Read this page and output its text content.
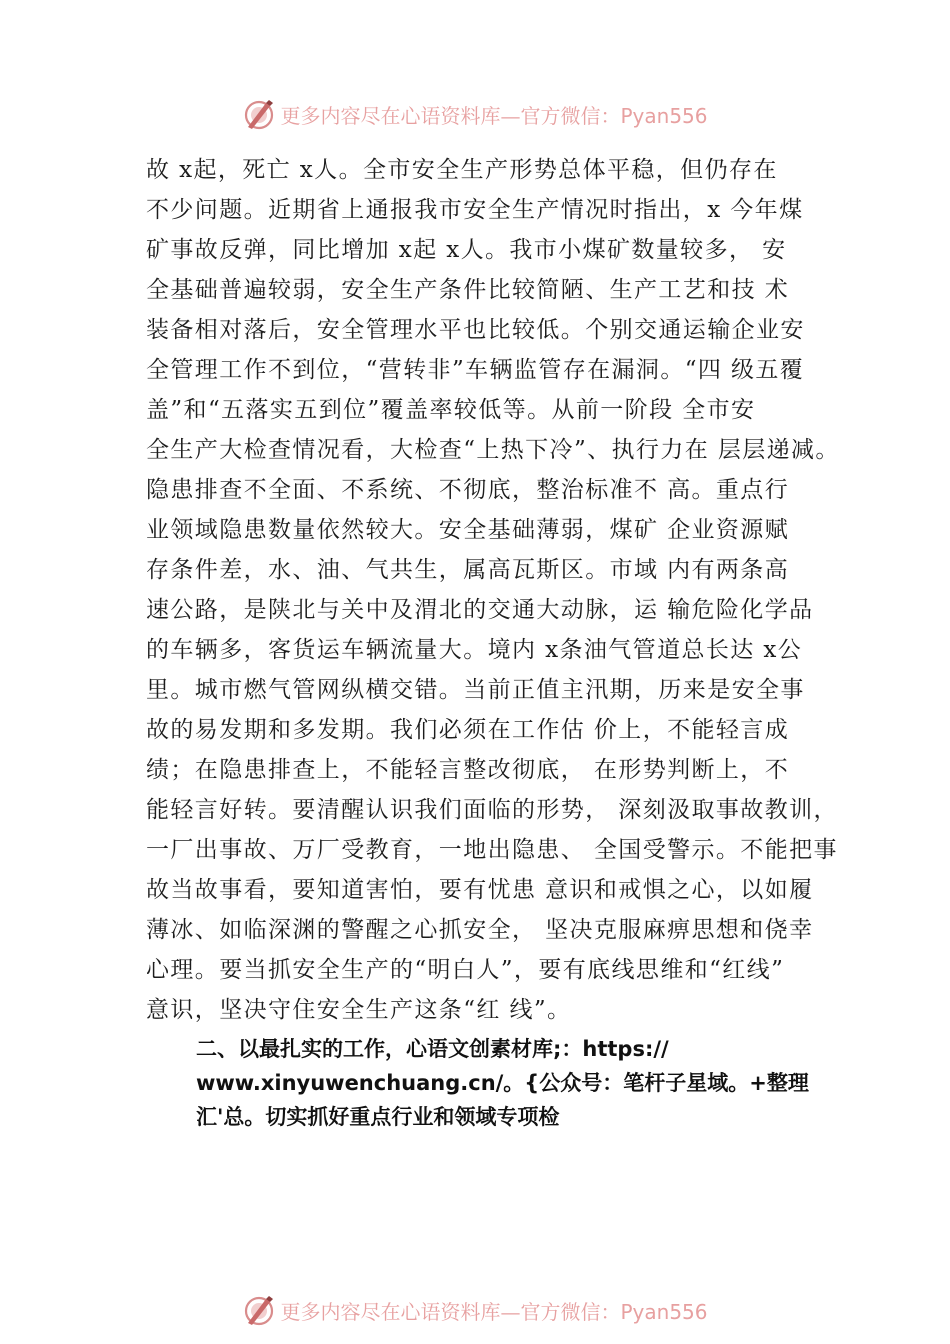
更多内容尽在心语资料库—官方微信：Pyan556
故 x起，死亡 x人。全市安全生产形势总体平稳，但仍存在
不少问题。近期省上通报我市安全生产情况时指出，x 今年煤
矿事故反弹，同比增加 x起 x人。我市小煤矿数量较多， 安
全基础普遍较弱，安全生产条件比较简陋、生产工艺和技 术
装备相对落后，安全管理水平也比较低。个别交通运输企业安
全管理工作不到位，“营转非”车辆监管存在漏洞。“四 级五覆
盖”和“五落实五到位”覆盖率较低等。从前一阶段 全市安
全生产大检查情况看，大检查“上热下冷”、执行力在 层层递减。
隐患排查不全面、不系统、不彻底，整治标准不 高。重点行
业领域隐患数量依然较大。安全基础薄弱，煤矿 企业资源赋
存条件差，水、油、气共生，属高瓦斯区。市域 内有两条高
速公路，是陕北与关中及渭北的交通大动脉，运 输危险化学品
的车辆多，客货运车辆流量大。境内 x条油气管道总长达 x公
里。城市燃气管网纵横交错。当前正值主汛期，历来是安全事
故的易发期和多发期。我们必须在工作估 价上，不能轻言成
绩；在隐患排查上，不能轻言整改彻底， 在形势判断上，不
能轻言好转。要清醒认识我们面临的形势， 深刻汲取事故教训，
一厂出事故、万厂受教育，一地出隐患、 全国受警示。不能把事
故当故事看，要知道害怕，要有忧患 意识和戒惧之心，以如履
薄冰、如临深渊的警醒之心抓安全， 坚决克服麻痹思想和侥幸
心理。要当抓安全生产的“明白人”，要有底线思维和“红线”
意识，坚决守住安全生产这条“红 线”。
二、以最扎实的工作，心语文创素材库;：https://
www.xinyuwenchuang.cn/。{公众号：笔杆子星域。+整理
汇'总。切实抓好重点行业和领域专项检
更多内容尽在心语资料库—官方微信：Pyan556
